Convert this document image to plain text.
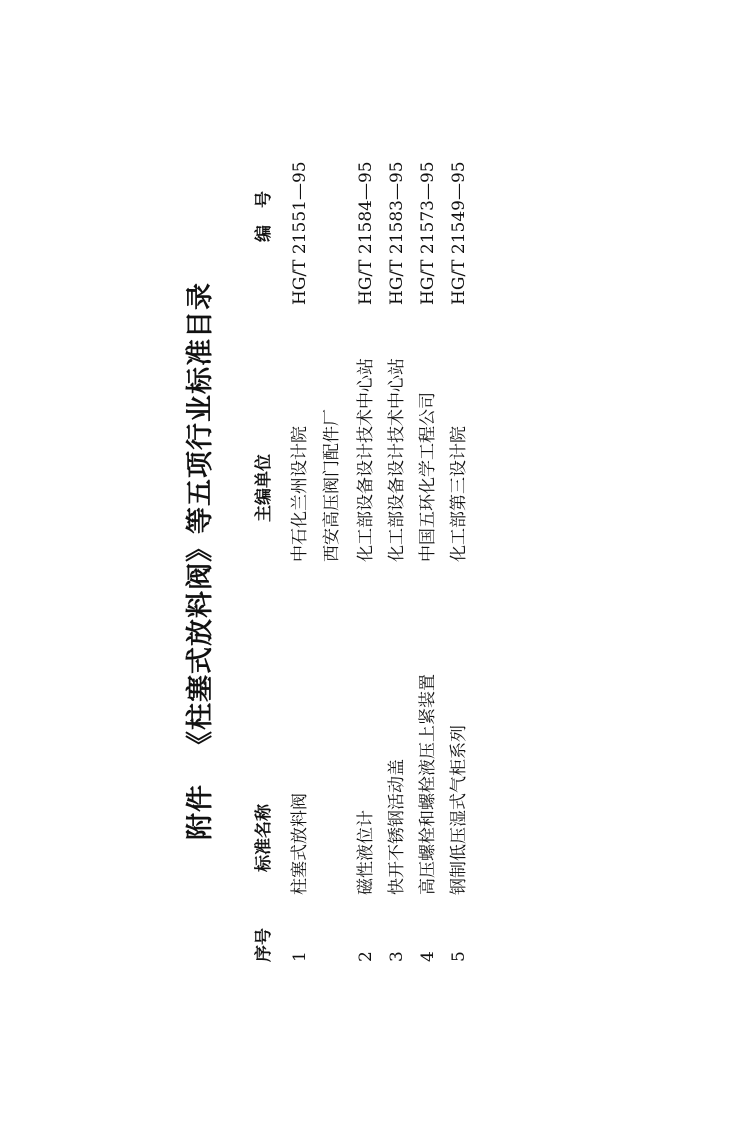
附件《柱塞式放料阀》等五项行业标准目录
序号
标准名称
主编单位
编　号
1
柱塞式放料阀
中石化兰州设计院
HG/T 21551—95
西安高压阀门配件厂
2
磁性液位计
化工部设备设计技术中心站
HG/T 21584—95
3
快开不锈钢活动盖
化工部设备设计技术中心站
HG/T 21583—95
4
高压螺栓和螺栓液压上紧装置
中国五环化学工程公司
HG/T 21573—95
5
钢制低压湿式气柜系列
化工部第三设计院
HG/T 21549—95
